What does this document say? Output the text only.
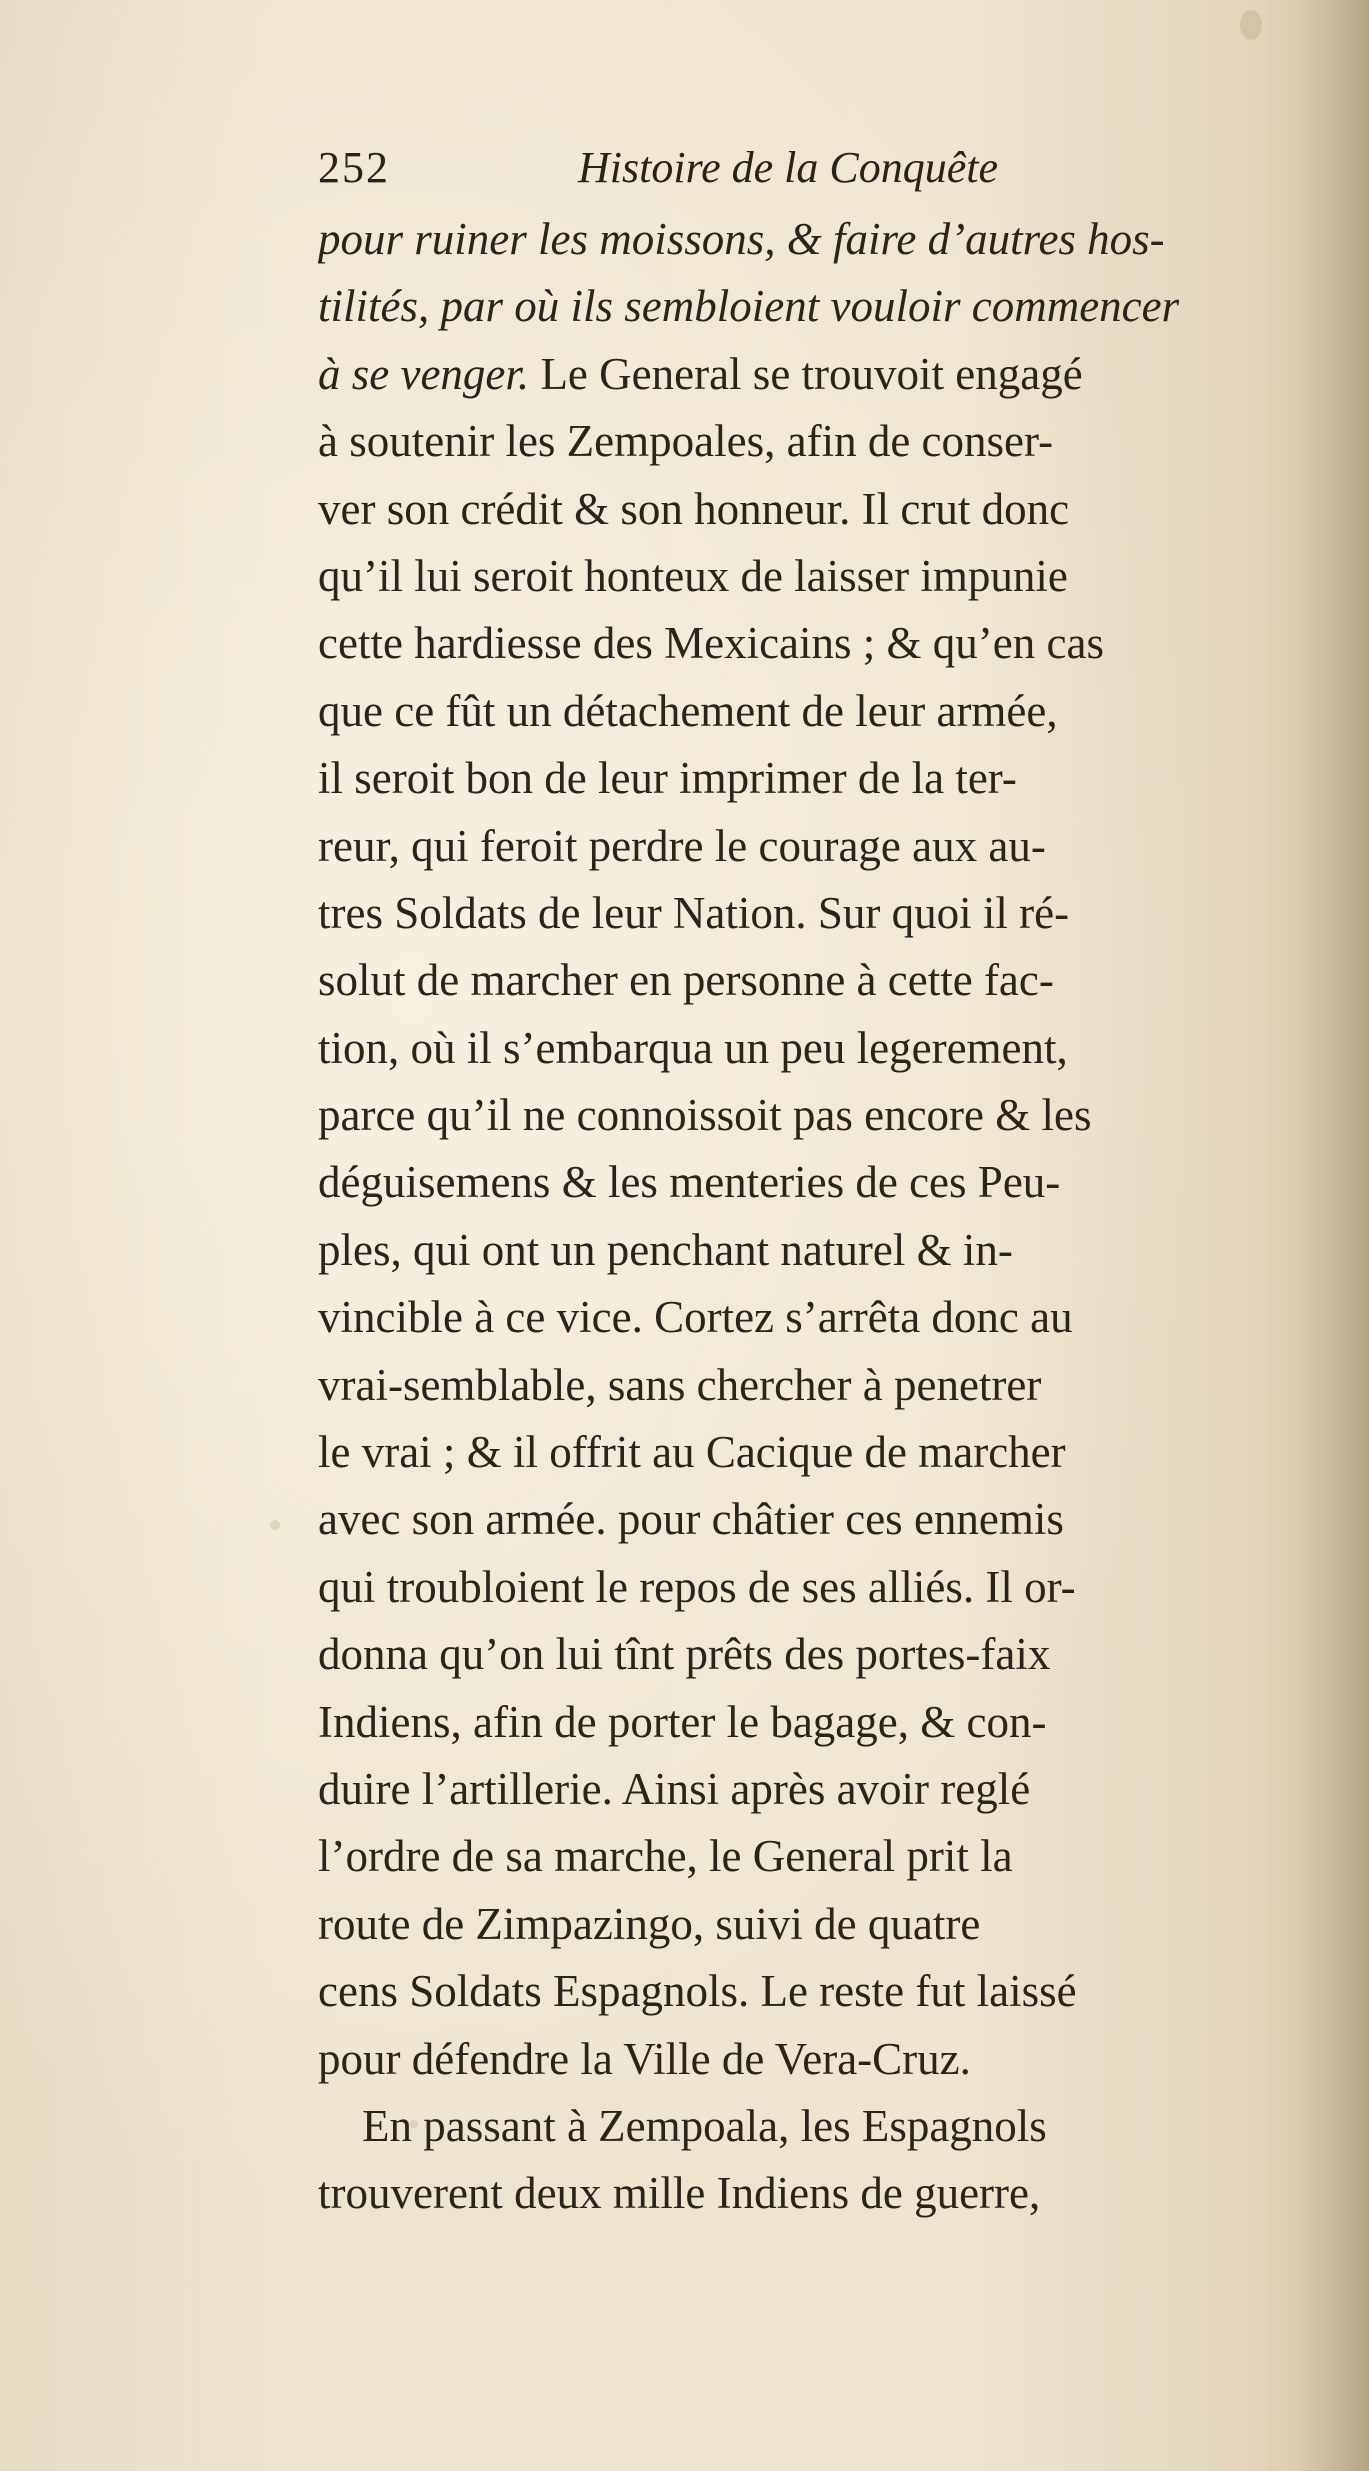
252	Histoire de la Conquête
pour ruiner les moissons, & faire d’autres hos-
tilités, par où ils sembloient vouloir commencer
à se venger. Le General se trouvoit engagé
à soutenir les Zempoales, afin de conser-
ver son crédit & son honneur. Il crut donc
qu’il lui seroit honteux de laisser impunie
cette hardiesse des Mexicains ; & qu’en cas
que ce fût un détachement de leur armée,
il seroit bon de leur imprimer de la ter-
reur, qui feroit perdre le courage aux au-
tres Soldats de leur Nation. Sur quoi il ré-
solut de marcher en personne à cette fac-
tion, où il s’embarqua un peu legerement,
parce qu’il ne connoissoit pas encore & les
déguisemens & les menteries de ces Peu-
ples, qui ont un penchant naturel & in-
vincible à ce vice. Cortez s’arrêta donc au
vrai-semblable, sans chercher à penetrer
le vrai ; & il offrit au Cacique de marcher
avec son armée. pour châtier ces ennemis
qui troubloient le repos de ses alliés. Il or-
donna qu’on lui tînt prêts des portes-faix
Indiens, afin de porter le bagage, & con-
duire l’artillerie. Ainsi après avoir reglé
l’ordre de sa marche, le General prit la
route de Zimpazingo, suivi de quatre
cens Soldats Espagnols. Le reste fut laissé
pour défendre la Ville de Vera-Cruz.
En passant à Zempoala, les Espagnols
trouverent deux mille Indiens de guerre,
